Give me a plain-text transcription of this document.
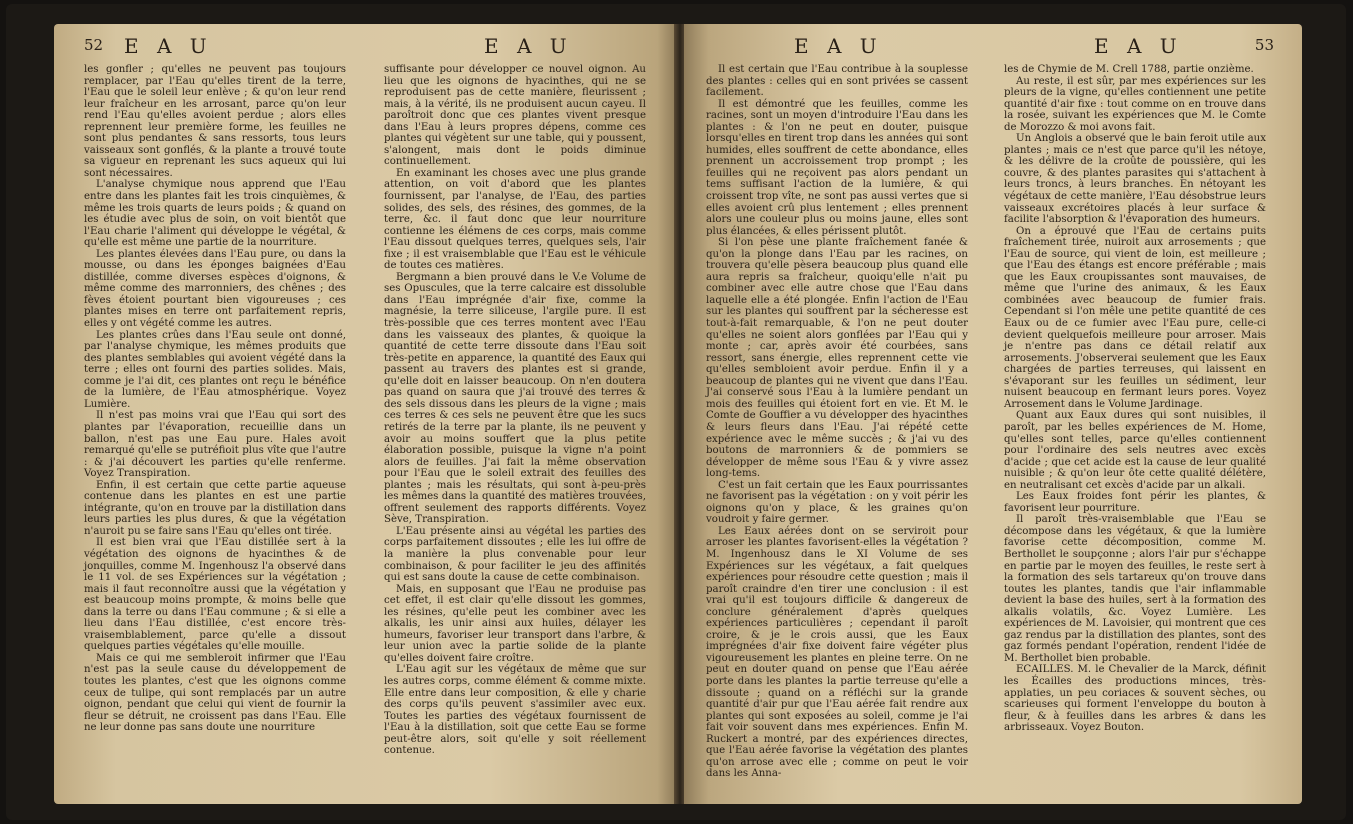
52 E A U	E A U

les gonfler ; qu'elles ne peuvent pas toujours remplacer, par l'Eau qu'elles tirent de la terre, l'Eau que le soleil leur enlève ; & qu'on leur rend leur fraîcheur en les arrosant, parce qu'on leur rend l'Eau qu'elles avoient perdue ; alors elles reprennent leur première forme, les feuilles ne sont plus pendantes & sans ressorts, tous leurs vaisseaux sont gonflés, & la plante a trouvé toute sa vigueur en reprenant les sucs aqueux qui lui sont nécessaires.

L'analyse chymique nous apprend que l'Eau entre dans les plantes fait les trois cinquièmes, & même les trois quarts de leurs poids ; & quand on les étudie avec plus de soin, on voit bientôt que l'Eau charie l'aliment qui développe le végétal, & qu'elle est même une partie de la nourriture.

Les plantes élevées dans l'Eau pure, ou dans la mousse, ou dans les éponges baignées d'Eau distillée, comme diverses espèces d'oignons, & même comme des marronniers, des chênes ; des fèves étoient pourtant bien vigoureuses ; ces plantes mises en terre ont parfaitement repris, elles y ont végété comme les autres.

Les plantes crûes dans l'Eau seule ont donné, par l'analyse chymique, les mêmes produits que des plantes semblables qui avoient végété dans la terre ; elles ont fourni des parties solides. Mais, comme je l'ai dit, ces plantes ont reçu le bénéfice de la lumière, de l'Eau atmosphérique. Voyez Lumière.

Il n'est pas moins vrai que l'Eau qui sort des plantes par l'évaporation, recueillie dans un ballon, n'est pas une Eau pure. Hales avoit remarqué qu'elle se putréfioit plus vîte que l'autre : & j'ai découvert les parties qu'elle renferme. Voyez Transpiration.

Enfin, il est certain que cette partie aqueuse contenue dans les plantes en est une partie intégrante, qu'on en trouve par la distillation dans leurs parties les plus dures, & que la végétation n'auroit pu se faire sans l'Eau qu'elles ont tirée.

Il est bien vrai que l'Eau distillée sert à la végétation des oignons de hyacinthes & de jonquilles, comme M. Ingenhousz l'a observé dans le 11 vol. de ses Expériences sur la végétation ; mais il faut reconnoître aussi que la végétation y est beaucoup moins prompte, & moins belle que dans la terre ou dans l'Eau commune ; & si elle a lieu dans l'Eau distillée, c'est encore très-vraisemblablement, parce qu'elle a dissout quelques parties végétales qu'elle mouille.

Mais ce qui me sembleroit infirmer que l'Eau n'est pas la seule cause du développement de toutes les plantes, c'est que les oignons comme ceux de tulipe, qui sont remplacés par un autre oignon, pendant que celui qui vient de fournir la fleur se détruit, ne croissent pas dans l'Eau. Elle ne leur donne pas sans doute une nourriture

suffisante pour développer ce nouvel oignon. Au lieu que les oignons de hyacinthes, qui ne se reproduisent pas de cette manière, fleurissent ; mais, à la vérité, ils ne produisent aucun cayeu. Il paroîtroit donc que ces plantes vivent presque dans l'Eau à leurs propres dépens, comme ces plantes qui végètent sur une table, qui y poussent, s'alongent, mais dont le poids diminue continuellement.

En examinant les choses avec une plus grande attention, on voit d'abord que les plantes fournissent, par l'analyse, de l'Eau, des parties solides, des sels, des résines, des gommes, de la terre, &c. il faut donc que leur nourriture contienne les élémens de ces corps, mais comme l'Eau dissout quelques terres, quelques sels, l'air fixe ; il est vraisemblable que l'Eau est le véhicule de toutes ces matières.

Bergmann a bien prouvé dans le V.e Volume de ses Opuscules, que la terre calcaire est dissoluble dans l'Eau imprégnée d'air fixe, comme la magnésie, la terre siliceuse, l'argile pure. Il est très-possible que ces terres montent avec l'Eau dans les vaisseaux des plantes, & quoique la quantité de cette terre dissoute dans l'Eau soit très-petite en apparence, la quantité des Eaux qui passent au travers des plantes est si grande, qu'elle doit en laisser beaucoup. On n'en doutera pas quand on saura que j'ai trouvé des terres & des sels dissous dans les pleurs de la vigne ; mais ces terres & ces sels ne peuvent être que les sucs retirés de la terre par la plante, ils ne peuvent y avoir au moins souffert que la plus petite élaboration possible, puisque la vigne n'a point alors de feuilles. J'ai fait la même observation pour l'Eau que le soleil extrait des feuilles des plantes ; mais les résultats, qui sont à-peu-près les mêmes dans la quantité des matières trouvées, offrent seulement des rapports différents. Voyez Sève, Transpiration.

L'Eau présente ainsi au végétal les parties des corps parfaitement dissoutes ; elle les lui offre de la manière la plus convenable pour leur combinaison, & pour faciliter le jeu des affinités qui est sans doute la cause de cette combinaison.

Mais, en supposant que l'Eau ne produise pas cet effet, il est clair qu'elle dissout les gommes, les résines, qu'elle peut les combiner avec les alkalis, les unir ainsi aux huiles, délayer les humeurs, favoriser leur transport dans l'arbre, & leur union avec la partie solide de la plante qu'elles doivent faire croître.

L'Eau agit sur les végétaux de même que sur les autres corps, comme élément & comme mixte. Elle entre dans leur composition, & elle y charie des corps qu'ils peuvent s'assimiler avec eux. Toutes les parties des végétaux fournissent de l'Eau à la distillation, soit que cette Eau se forme peut-être alors, soit qu'elle y soit réellement contenue.

E A U	E A U	53

Il est certain que l'Eau contribue à la souplesse des plantes : celles qui en sont privées se cassent facilement.

Il est démontré que les feuilles, comme les racines, sont un moyen d'introduire l'Eau dans les plantes : & l'on ne peut en douter, puisque lorsqu'elles en tirent trop dans les années qui sont humides, elles souffrent de cette abondance, elles prennent un accroissement trop prompt ; les feuilles qui ne reçoivent pas alors pendant un tems suffisant l'action de la lumière, & qui croissent trop vîte, ne sont pas aussi vertes que si elles avoient crû plus lentement ; elles prennent alors une couleur plus ou moins jaune, elles sont plus élancées, & elles périssent plutôt.

Si l'on pèse une plante fraîchement fanée & qu'on la plonge dans l'Eau par les racines, on trouvera qu'elle pèsera beaucoup plus quand elle aura repris sa fraîcheur, quoiqu'elle n'ait pu combiner avec elle autre chose que l'Eau dans laquelle elle a été plongée. Enfin l'action de l'Eau sur les plantes qui souffrent par la sécheresse est tout-à-fait remarquable, & l'on ne peut douter qu'elles ne soient alors gonflées par l'Eau qui y monte ; car, après avoir été courbées, sans ressort, sans énergie, elles reprennent cette vie qu'elles sembloient avoir perdue. Enfin il y a beaucoup de plantes qui ne vivent que dans l'Eau. J'ai conservé sous l'Eau à la lumière pendant un mois des feuilles qui étoient fort en vie. Et M. le Comte de Gouffier a vu développer des hyacinthes & leurs fleurs dans l'Eau. J'ai répété cette expérience avec le même succès ; & j'ai vu des boutons de marronniers & de pommiers se développer de même sous l'Eau & y vivre assez long-tems.

C'est un fait certain que les Eaux pourrissantes ne favorisent pas la végétation : on y voit périr les oignons qu'on y place, & les graines qu'on voudroit y faire germer.

Les Eaux aérées dont on se serviroit pour arroser les plantes favorisent-elles la végétation ? M. Ingenhousz dans le XI Volume de ses Expériences sur les végétaux, a fait quelques expériences pour résoudre cette question ; mais il paroît craindre d'en tirer une conclusion : il est vrai qu'il est toujours difficile & dangereux de conclure généralement d'après quelques expériences particulières ; cependant il paroît croire, & je le crois aussi, que les Eaux imprégnées d'air fixe doivent faire végéter plus vigoureusement les plantes en pleine terre. On ne peut en douter quand on pense que l'Eau aérée porte dans les plantes la partie terreuse qu'elle a dissoute ; quand on a réfléchi sur la grande quantité d'air pur que l'Eau aérée fait rendre aux plantes qui sont exposées au soleil, comme je l'ai fait voir souvent dans mes expériences. Enfin M. Ruckert a montré, par des expériences directes, que l'Eau aérée favorise la végétation des plantes qu'on arrose avec elle ; comme on peut le voir dans les Anna-

les de Chymie de M. Crell 1788, partie onzième.

Au reste, il est sûr, par mes expériences sur les pleurs de la vigne, qu'elles contiennent une petite quantité d'air fixe : tout comme on en trouve dans la rosée, suivant les expériences que M. le Comte de Morozzo & moi avons fait.

Un Anglois a observé que le bain feroit utile aux plantes ; mais ce n'est que parce qu'il les nétoye, & les délivre de la croûte de poussière, qui les couvre, & des plantes parasites qui s'attachent à leurs troncs, à leurs branches. En nétoyant les végétaux de cette manière, l'Eau désobstrue leurs vaisseaux excrétoires placés à leur surface & facilite l'absorption & l'évaporation des humeurs.

On a éprouvé que l'Eau de certains puits fraîchement tirée, nuiroit aux arrosements ; que l'Eau de source, qui vient de loin, est meilleure ; que l'Eau des étangs est encore préférable ; mais que les Eaux croupissantes sont mauvaises, de même que l'urine des animaux, & les Eaux combinées avec beaucoup de fumier frais. Cependant si l'on mêle une petite quantité de ces Eaux ou de ce fumier avec l'Eau pure, celle-ci devient quelquefois meilleure pour arroser. Mais je n'entre pas dans ce détail relatif aux arrosements. J'observerai seulement que les Eaux chargées de parties terreuses, qui laissent en s'évaporant sur les feuilles un sédiment, leur nuisent beaucoup en fermant leurs pores. Voyez Arrosement dans le Volume Jardinage.

Quant aux Eaux dures qui sont nuisibles, il paroît, par les belles expériences de M. Home, qu'elles sont telles, parce qu'elles contiennent pour l'ordinaire des sels neutres avec excès d'acide ; que cet acide est la cause de leur qualité nuisible ; & qu'on leur ôte cette qualité délétère, en neutralisant cet excès d'acide par un alkali.

Les Eaux froides font périr les plantes, & favorisent leur pourriture.

Il paroît très-vraisemblable que l'Eau se décompose dans les végétaux, & que la lumière favorise cette décomposition, comme M. Berthollet le soupçonne ; alors l'air pur s'échappe en partie par le moyen des feuilles, le reste sert à la formation des sels tartareux qu'on trouve dans toutes les plantes, tandis que l'air inflammable devient la base des huiles, sert à la formation des alkalis volatils, &c. Voyez Lumière. Les expériences de M. Lavoisier, qui montrent que ces gaz rendus par la distillation des plantes, sont des gaz formés pendant l'opération, rendent l'idée de M. Berthollet bien probable.

ECAILLES. M. le Chevalier de la Marck, définit les Écailles des productions minces, très-applaties, un peu coriaces & souvent sèches, ou scarieuses qui forment l'enveloppe du bouton à fleur, & à feuilles dans les arbres & dans les arbrisseaux. Voyez Bouton.
